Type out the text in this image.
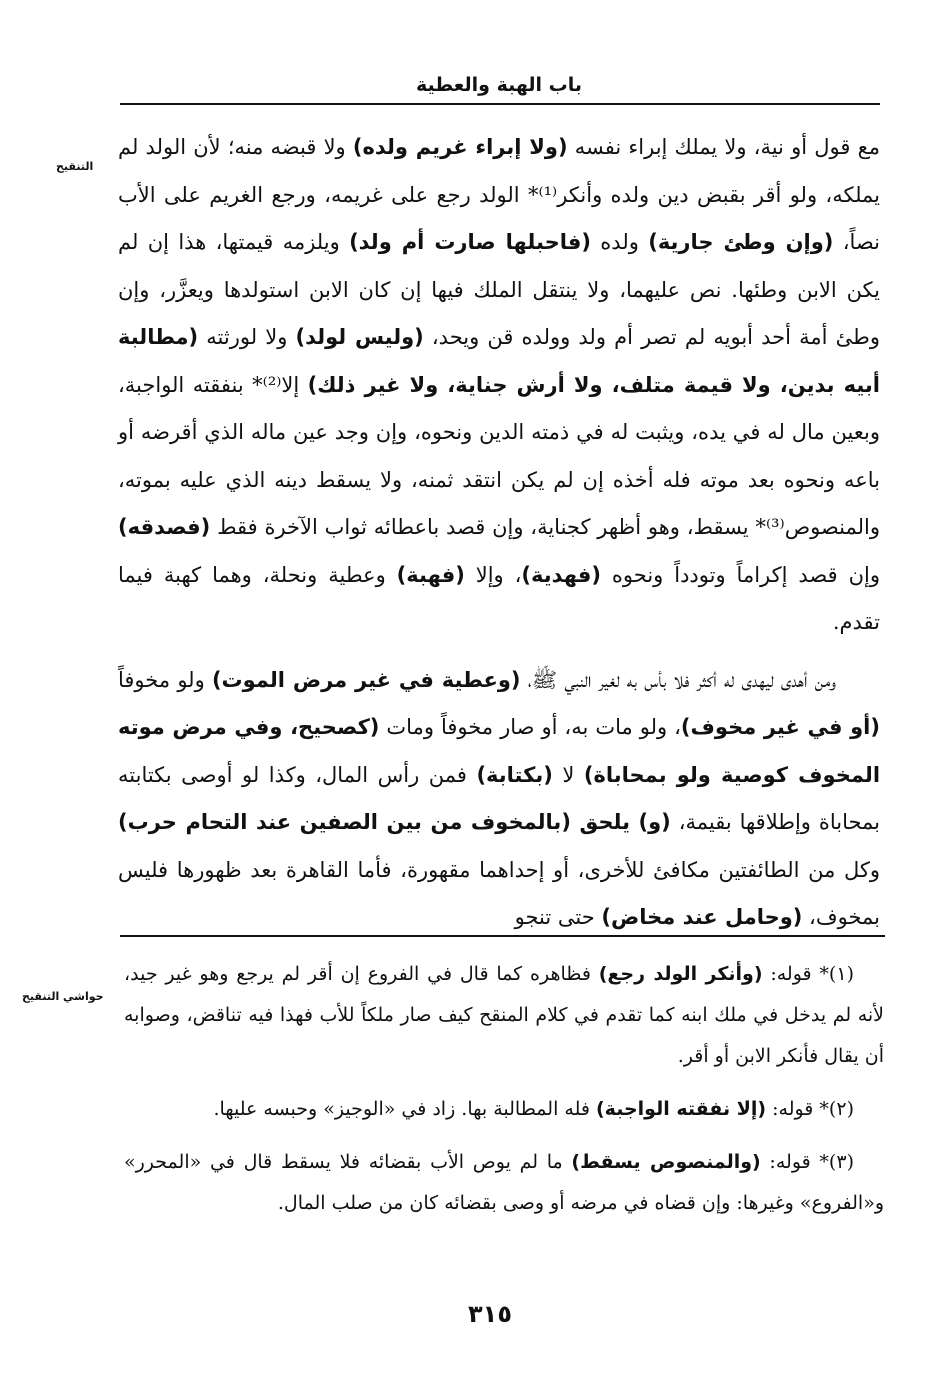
باب الهبة والعطية
التنقيح
حواشي التنقيح

مع قول أو نية، ولا يملك إبراء نفسه (ولا إبراء غريم ولده) ولا قبضه منه؛ لأن الولد لم يملكه، ولو أقر بقبض دين ولده وأنكر⁽¹⁾* الولد رجع على غريمه، ورجع الغريم على الأب نصاً، (وإن وطئ جارية) ولده (فاحبلها صارت أم ولد) ويلزمه قيمتها، هذا إن لم يكن الابن وطئها. نص عليهما، ولا ينتقل الملك فيها إن كان الابن استولدها ويعزَّر، وإن وطئ أمة أحد أبويه لم تصر أم ولد وولده قن ويحد، (وليس لولد) ولا لورثته (مطالبة أبيه بدين، ولا قيمة متلف، ولا أرش جناية، ولا غير ذلك) إلا⁽²⁾* بنفقته الواجبة، وبعين مال له في يده، ويثبت له في ذمته الدين ونحوه، وإن وجد عين ماله الذي أقرضه أو باعه ونحوه بعد موته فله أخذه إن لم يكن انتقد ثمنه، ولا يسقط دينه الذي عليه بموته، والمنصوص⁽³⁾* يسقط، وهو أظهر كجناية، وإن قصد باعطائه ثواب الآخرة فقط (فصدقه) وإن قصد إكراماً وتودداً ونحوه (فهدية)، وإلا (فهبة) وعطية ونحلة، وهما كهبة فيما تقدم.

ومن أهدى ليهدى له أكثر فلا بأس به لغير النبي ﷺ، (وعطية في غير مرض الموت) ولو مخوفاً (أو في غير مخوف)، ولو مات به، أو صار مخوفاً ومات (كصحيح، وفي مرض موته المخوف كوصية ولو بمحاباة) لا (بكتابة) فمن رأس المال، وكذا لو أوصى بكتابته بمحاباة وإطلاقها بقيمة، (و) يلحق (بالمخوف من بين الصفين عند التحام حرب) وكل من الطائفتين مكافئ للأخرى، أو إحداهما مقهورة، فأما القاهرة بعد ظهورها فليس بمخوف، (وحامل عند مخاض) حتى تنجو

(١)* قوله: (وأنكر الولد رجع) فظاهره كما قال في الفروع إن أقر لم يرجع وهو غير جيد، لأنه لم يدخل في ملك ابنه كما تقدم في كلام المنقح كيف صار ملكاً للأب فهذا فيه تناقض، وصوابه أن يقال فأنكر الابن أو أقر.

(٢)* قوله: (إلا نفقته الواجبة) فله المطالبة بها. زاد في «الوجيز» وحبسه عليها.

(٣)* قوله: (والمنصوص يسقط) ما لم يوص الأب بقضائه فلا يسقط قال في «المحرر» و«الفروع» وغيرها: وإن قضاه في مرضه أو وصى بقضائه كان من صلب المال.

٣١٥
